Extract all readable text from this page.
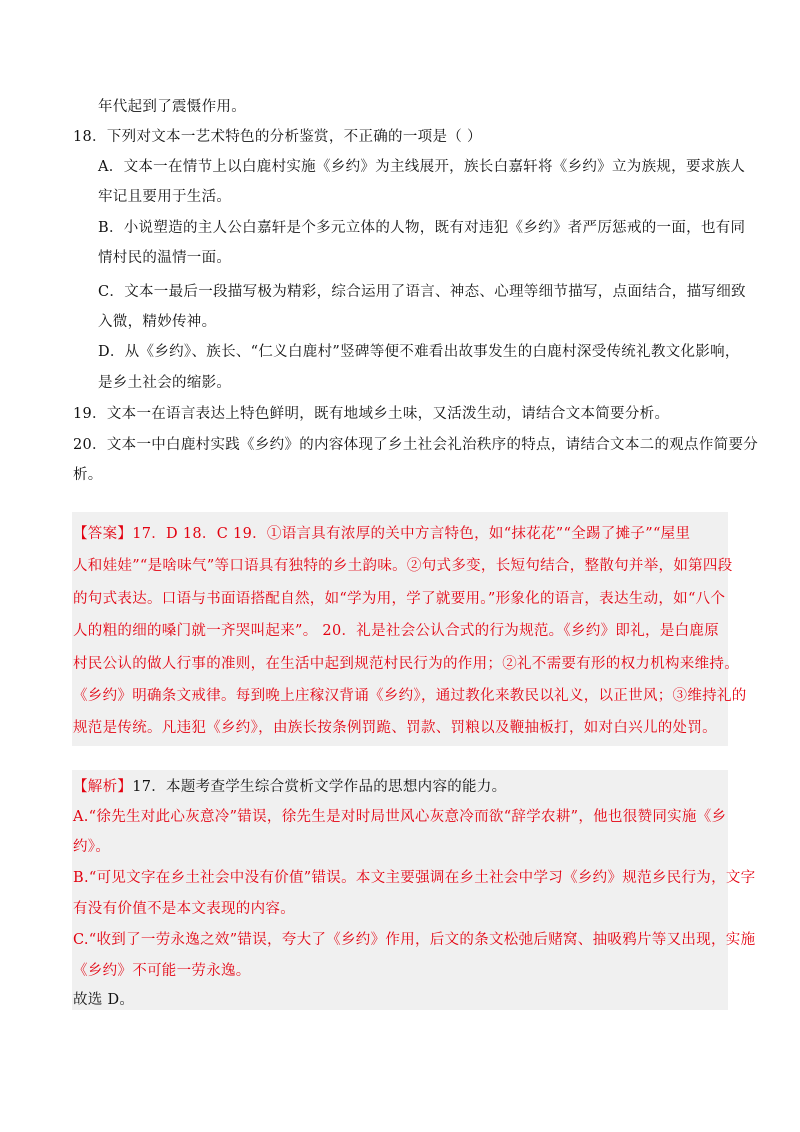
年代起到了震慑作用。
18．下列对文本一艺术特色的分析鉴赏，不正确的一项是（ ）
A．文本一在情节上以白鹿村实施《乡约》为主线展开，族长白嘉轩将《乡约》立为族规，要求族人
牢记且要用于生活。
B．小说塑造的主人公白嘉轩是个多元立体的人物，既有对违犯《乡约》者严厉惩戒的一面，也有同
情村民的温情一面。
C．文本一最后一段描写极为精彩，综合运用了语言、神态、心理等细节描写，点面结合，描写细致
入微，精妙传神。
D．从《乡约》、族长、“仁义白鹿村”竖碑等便不难看出故事发生的白鹿村深受传统礼教文化影响，
是乡土社会的缩影。
19．文本一在语言表达上特色鲜明，既有地域乡土味，又活泼生动，请结合文本简要分析。
20．文本一中白鹿村实践《乡约》的内容体现了乡土社会礼治秩序的特点，请结合文本二的观点作简要分
析。
【答案】17．D 18．C 19．①语言具有浓厚的关中方言特色，如“抹花花”“全踢了摊子”“屋里
人和娃娃”“是啥味气”等口语具有独特的乡土韵味。②句式多变，长短句结合，整散句并举，如第四段
的句式表达。口语与书面语搭配自然，如“学为用，学了就要用。”形象化的语言，表达生动，如“八个
人的粗的细的嗓门就一齐哭叫起来”。 20．礼是社会公认合式的行为规范。《乡约》即礼，是白鹿原
村民公认的做人行事的准则，在生活中起到规范村民行为的作用；②礼不需要有形的权力机构来维持。
《乡约》明确条文戒律。每到晚上庄稼汉背诵《乡约》，通过教化来教民以礼义，以正世风；③维持礼的
规范是传统。凡违犯《乡约》，由族长按条例罚跪、罚款、罚粮以及鞭抽板打，如对白兴儿的处罚。
【解析】17．本题考查学生综合赏析文学作品的思想内容的能力。
A.“徐先生对此心灰意冷”错误，徐先生是对时局世风心灰意冷而欲“辞学农耕”，他也很赞同实施《乡
约》。
B.“可见文字在乡土社会中没有价值”错误。本文主要强调在乡土社会中学习《乡约》规范乡民行为，文字
有没有价值不是本文表现的内容。
C.“收到了一劳永逸之效”错误，夸大了《乡约》作用，后文的条文松弛后赌窝、抽吸鸦片等又出现，实施
《乡约》不可能一劳永逸。
故选 D。
